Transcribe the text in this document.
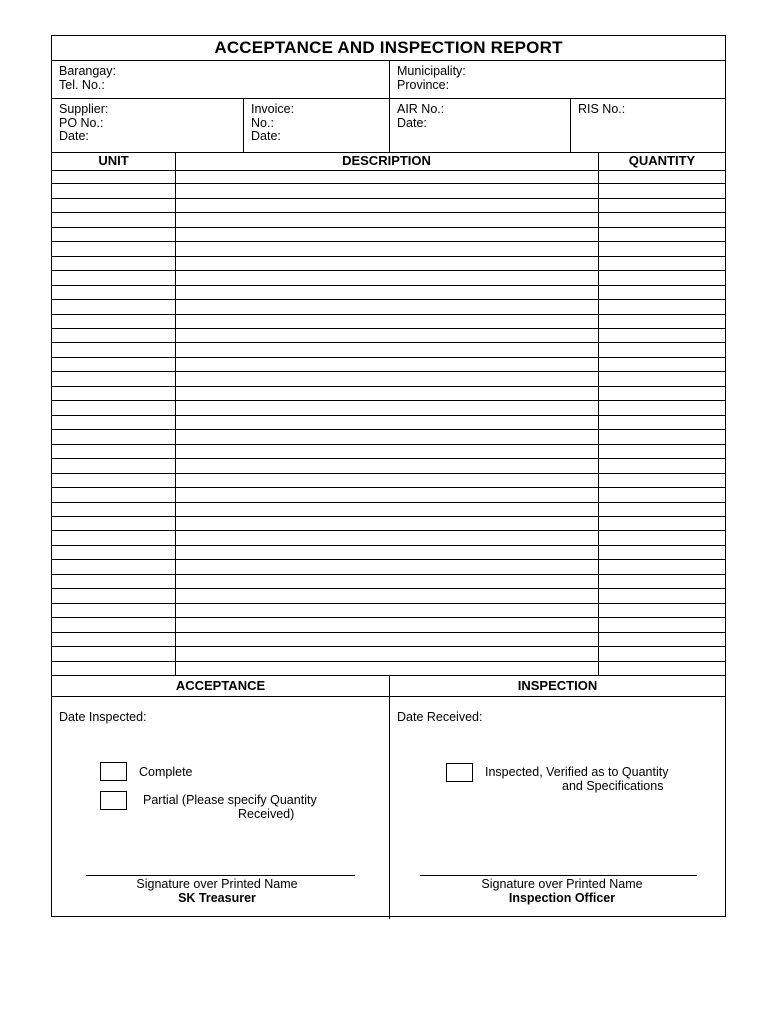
ACCEPTANCE AND INSPECTION REPORT
Barangay:
Tel. No.:
Municipality:
Province:
Supplier:
PO No.:
Date:
Invoice:
No.:
Date:
AIR No.:
Date:
RIS No.:
UNIT	DESCRIPTION	QUANTITY
ACCEPTANCE
Date Inspected:
Complete
Partial (Please specify Quantity
Received)
Signature over Printed Name
SK Treasurer
INSPECTION
Date Received:
Inspected, Verified as to Quantity
and Specifications
Signature over Printed Name
Inspection Officer
